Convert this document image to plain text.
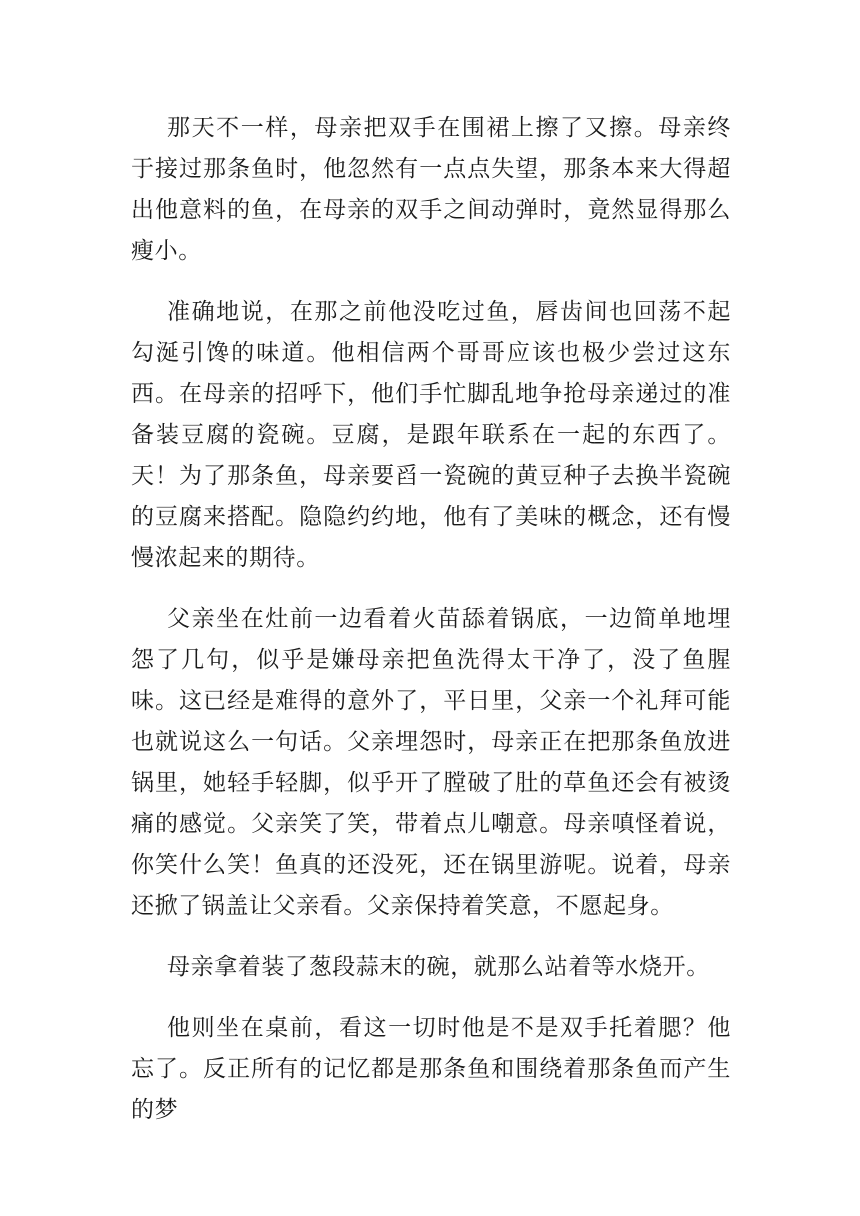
那天不一样，母亲把双手在围裙上擦了又擦。母亲终于接过那条鱼时，他忽然有一点点失望，那条本来大得超出他意料的鱼，在母亲的双手之间动弹时，竟然显得那么瘦小。

准确地说，在那之前他没吃过鱼，唇齿间也回荡不起勾涎引馋的味道。他相信两个哥哥应该也极少尝过这东西。在母亲的招呼下，他们手忙脚乱地争抢母亲递过的准备装豆腐的瓷碗。豆腐，是跟年联系在一起的东西了。天！为了那条鱼，母亲要舀一瓷碗的黄豆种子去换半瓷碗的豆腐来搭配。隐隐约约地，他有了美味的概念，还有慢慢浓起来的期待。

父亲坐在灶前一边看着火苗舔着锅底，一边简单地埋怨了几句，似乎是嫌母亲把鱼洗得太干净了，没了鱼腥味。这已经是难得的意外了，平日里，父亲一个礼拜可能也就说这么一句话。父亲埋怨时，母亲正在把那条鱼放进锅里，她轻手轻脚，似乎开了膛破了肚的草鱼还会有被烫痛的感觉。父亲笑了笑，带着点儿嘲意。母亲嗔怪着说，你笑什么笑！鱼真的还没死，还在锅里游呢。说着，母亲还掀了锅盖让父亲看。父亲保持着笑意，不愿起身。

母亲拿着装了葱段蒜末的碗，就那么站着等水烧开。

他则坐在桌前，看这一切时他是不是双手托着腮？他忘了。反正所有的记忆都是那条鱼和围绕着那条鱼而产生的梦
